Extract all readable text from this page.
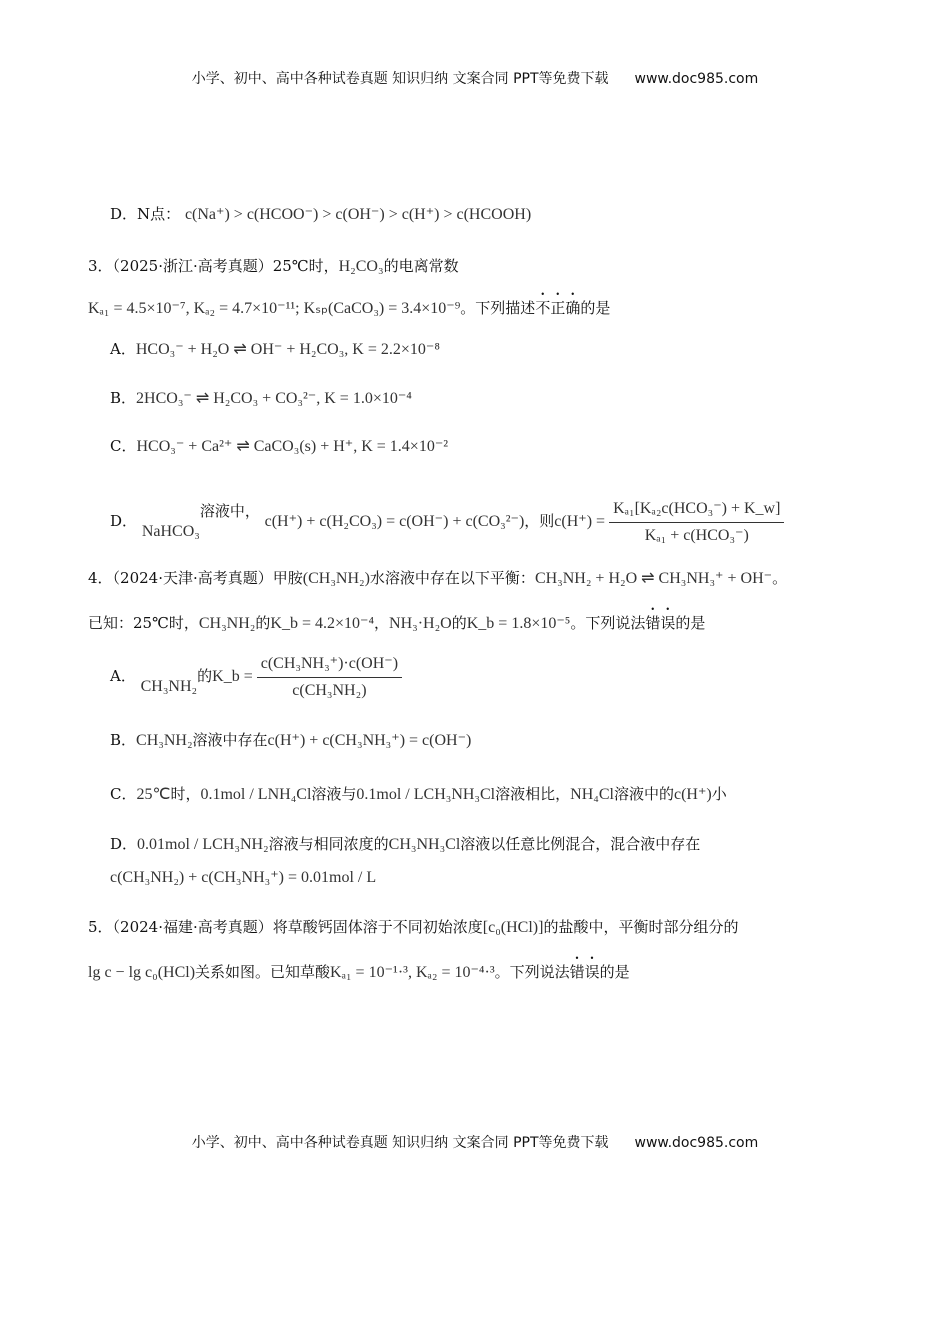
小学、初中、高中各种试卷真题 知识归纳 文案合同 PPT等免费下载 www.doc985.com
D．N点： c(Na⁺) > c(HCOO⁻) > c(OH⁻) > c(H⁺) > c(HCOOH)
3．（2025·浙江·高考真题）25℃时，H₂CO₃的电离常数
Kₐ₁ = 4.5×10⁻⁷, Kₐ₂ = 4.7×10⁻¹¹; Kₛₚ(CaCO₃) = 3.4×10⁻⁹。下列描述不正确的是
A．HCO₃⁻ + H₂O ⇌ OH⁻ + H₂CO₃, K = 2.2×10⁻⁸
B．2HCO₃⁻ ⇌ H₂CO₃ + CO₃²⁻, K = 1.0×10⁻⁴
C．HCO₃⁻ + Ca²⁺ ⇌ CaCO₃(s) + H⁺, K = 1.4×10⁻²
D． NaHCO₃溶液中， c(H⁺) + c(H₂CO₃) = c(OH⁻) + c(CO₃²⁻)，则$c(H^+) = \frac{\text{Kₐ₁[Kₐ₂c(HCO₃⁻) + K\_w]}}{\text{Kₐ₁ + c(HCO₃⁻)}}$
4．（2024·天津·高考真题）甲胺(CH₃NH₂)水溶液中存在以下平衡：CH₃NH₂ + H₂O ⇌ CH₃NH₃⁺ + OH⁻。
已知：25℃时，CH₃NH₂的K_b = 4.2×10⁻⁴，NH₃·H₂O的K_b = 1.8×10⁻⁵。下列说法错误的是
A． CH₃NH₂的K_b = $\frac{\text{c(CH₃NH₃⁺)·c(OH⁻)}}{\text{c(CH₃NH₂)}}$
B．CH₃NH₂溶液中存在c(H⁺) + c(CH₃NH₃⁺) = c(OH⁻)
C．25℃时，0.1mol / LNH₄Cl溶液与0.1mol / LCH₃NH₃Cl溶液相比，NH₄Cl溶液中的c(H⁺)小
D．0.01mol / LCH₃NH₂溶液与相同浓度的CH₃NH₃Cl溶液以任意比例混合，混合液中存在
c(CH₃NH₂) + c(CH₃NH₃⁺) = 0.01mol / L
5．（2024·福建·高考真题）将草酸钙固体溶于不同初始浓度[c₀(HCl)]的盐酸中，平衡时部分组分的
lg c − lg c₀(HCl)关系如图。已知草酸Kₐ₁ = 10⁻¹·³, Kₐ₂ = 10⁻⁴·³。下列说法错误的是
小学、初中、高中各种试卷真题 知识归纳 文案合同 PPT等免费下载 www.doc985.com
